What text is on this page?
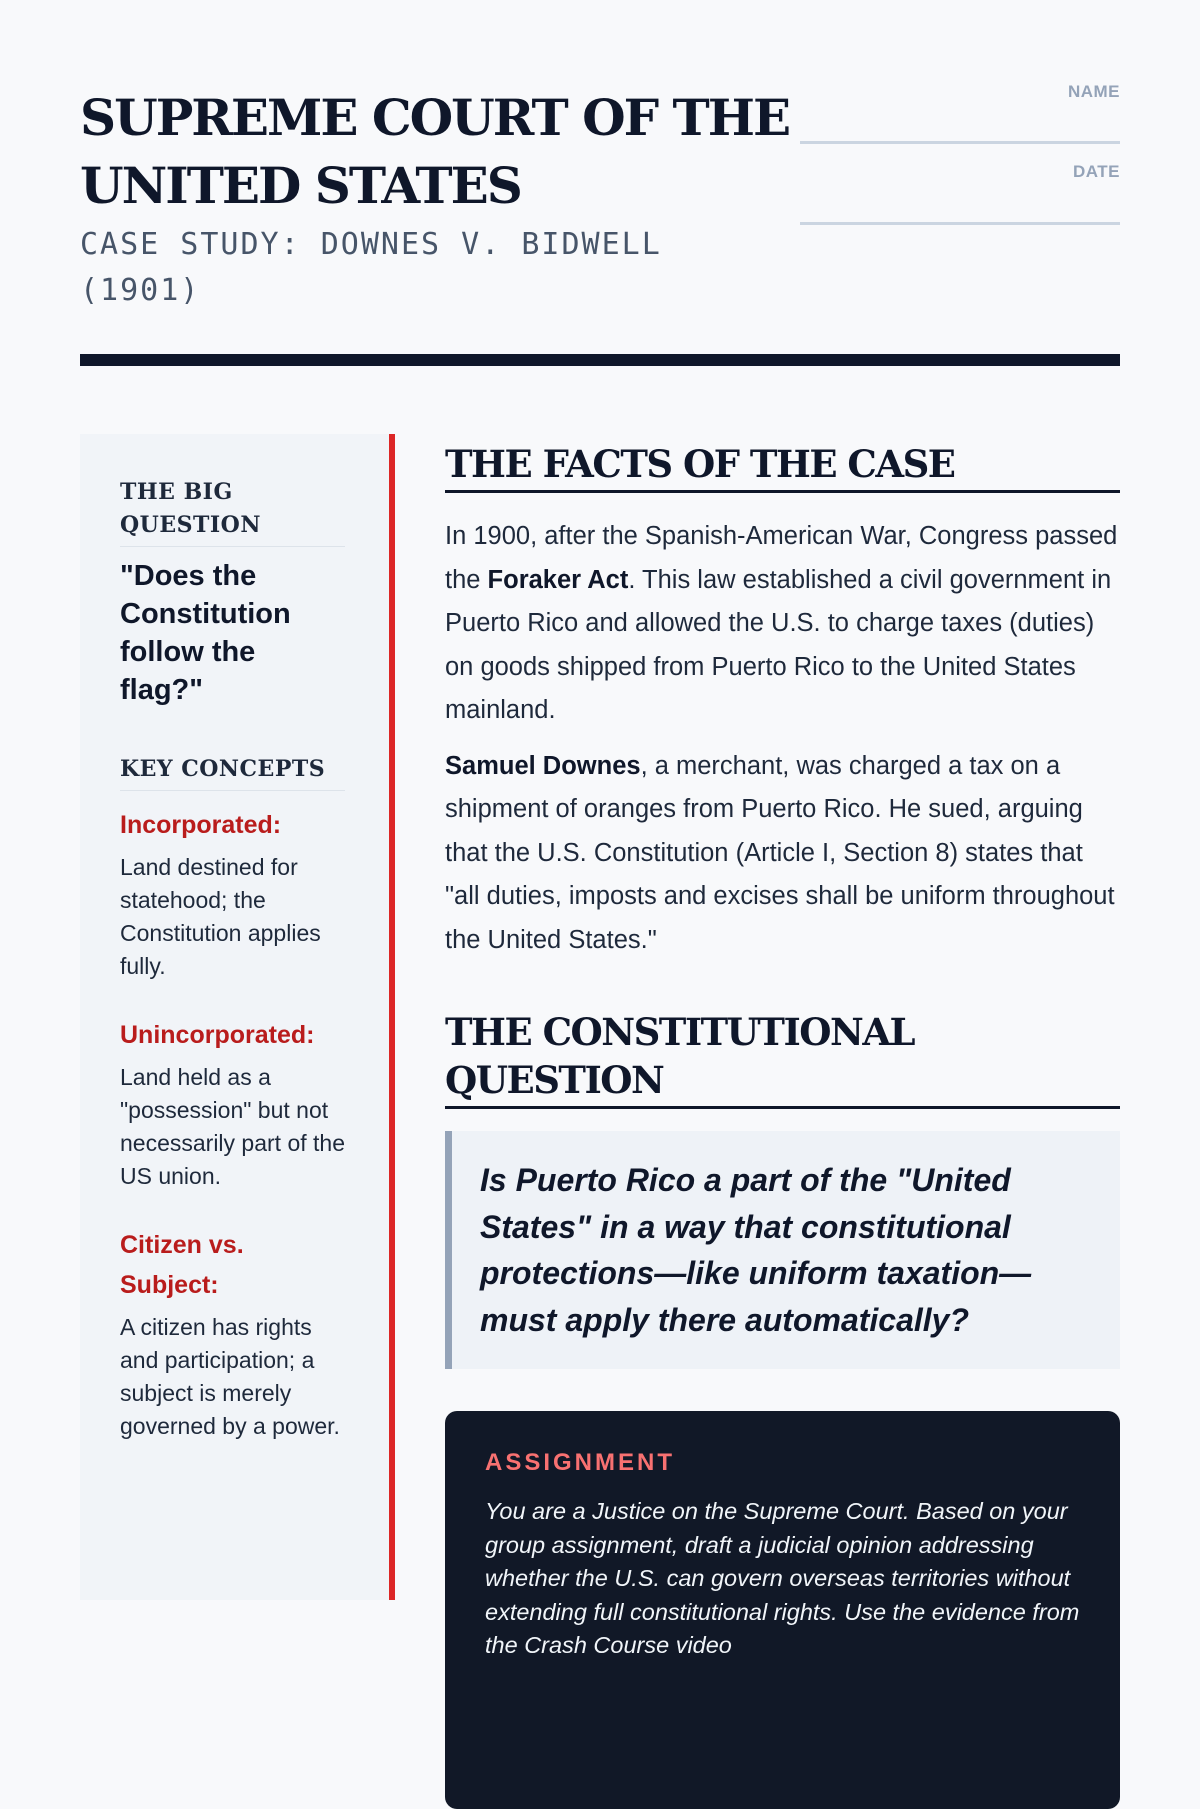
SUPREME COURT OF THE UNITED STATES
CASE STUDY: DOWNES V. BIDWELL (1901)
NAME
DATE
THE BIG QUESTION
"Does the Constitution follow the flag?"
KEY CONCEPTS
Incorporated:
Land destined for statehood; the Constitution applies fully.
Unincorporated:
Land held as a "possession" but not necessarily part of the US union.
Citizen vs. Subject:
A citizen has rights and participation; a subject is merely governed by a power.
THE FACTS OF THE CASE

In 1900, after the Spanish-American War, Congress passed the Foraker Act. This law established a civil government in Puerto Rico and allowed the U.S. to charge taxes (duties) on goods shipped from Puerto Rico to the United States mainland.

Samuel Downes, a merchant, was charged a tax on a shipment of oranges from Puerto Rico. He sued, arguing that the U.S. Constitution (Article I, Section 8) states that "all duties, imposts and excises shall be uniform throughout the United States."

THE CONSTITUTIONAL QUESTION
Is Puerto Rico a part of the "United States" in a way that constitutional protections—like uniform taxation—must apply there automatically?
ASSIGNMENT
You are a Justice on the Supreme Court. Based on your group assignment, draft a judicial opinion addressing whether the U.S. can govern overseas territories without extending full constitutional rights. Use the evidence from the Crash Course video
